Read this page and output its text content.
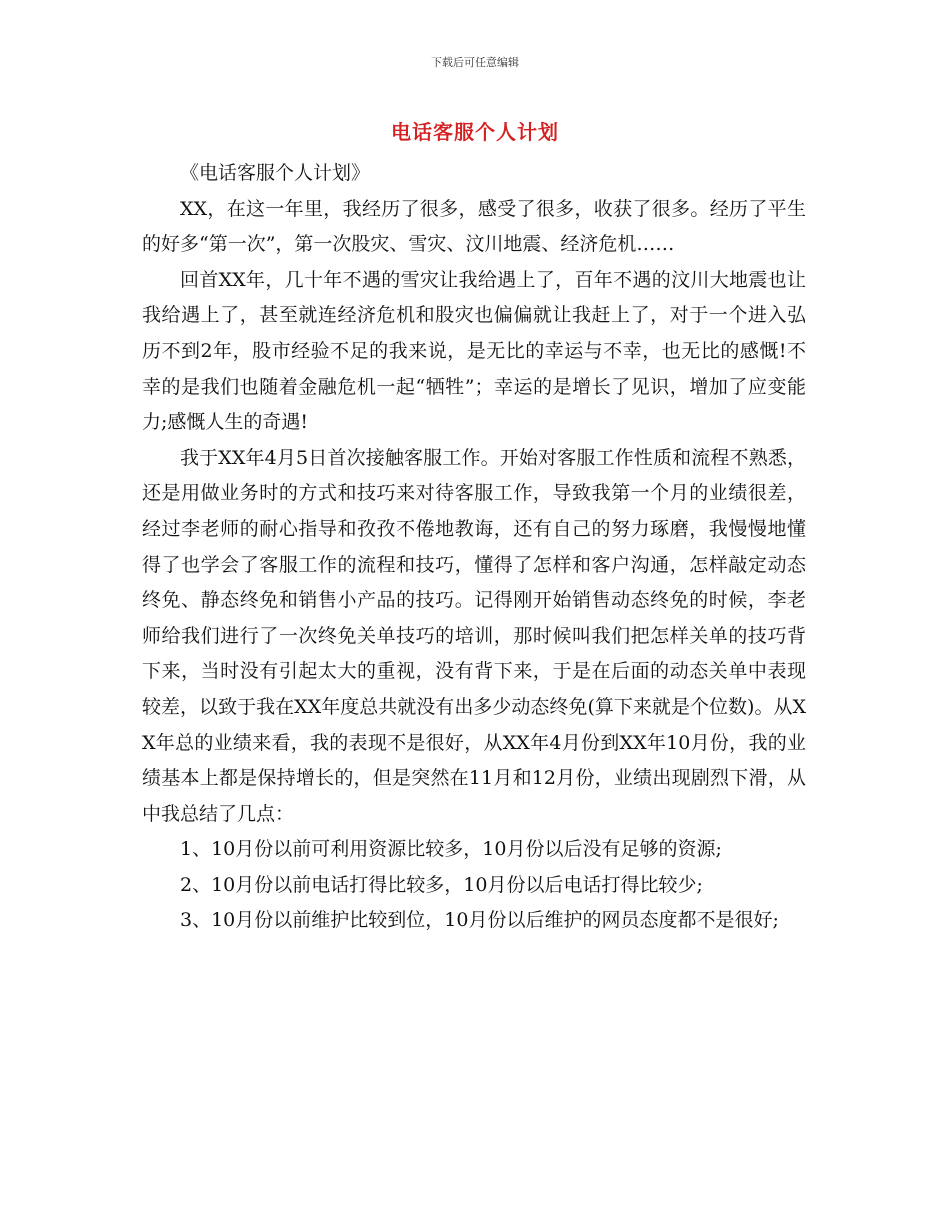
下载后可任意编辑
电话客服个人计划

《电话客服个人计划》

XX，在这一年里，我经历了很多，感受了很多，收获了很多。经历了平生的好多“第一次”，第一次股灾、雪灾、汶川地震、经济危机……

回首XX年，几十年不遇的雪灾让我给遇上了，百年不遇的汶川大地震也让我给遇上了，甚至就连经济危机和股灾也偏偏就让我赶上了，对于一个进入弘历不到2年，股市经验不足的我来说，是无比的幸运与不幸，也无比的感慨!不幸的是我们也随着金融危机一起“牺牲”；幸运的是增长了见识，增加了应变能力;感慨人生的奇遇!

我于XX年4月5日首次接触客服工作。开始对客服工作性质和流程不熟悉，还是用做业务时的方式和技巧来对待客服工作，导致我第一个月的业绩很差，经过李老师的耐心指导和孜孜不倦地教诲，还有自己的努力琢磨，我慢慢地懂得了也学会了客服工作的流程和技巧，懂得了怎样和客户沟通，怎样敲定动态终免、静态终免和销售小产品的技巧。记得刚开始销售动态终免的时候，李老师给我们进行了一次终免关单技巧的培训，那时候叫我们把怎样关单的技巧背下来，当时没有引起太大的重视，没有背下来，于是在后面的动态关单中表现较差，以致于我在XX年度总共就没有出多少动态终免(算下来就是个位数)。从XX年总的业绩来看，我的表现不是很好，从XX年4月份到XX年10月份，我的业绩基本上都是保持增长的，但是突然在11月和12月份，业绩出现剧烈下滑，从中我总结了几点：

1、10月份以前可利用资源比较多，10月份以后没有足够的资源;

2、10月份以前电话打得比较多，10月份以后电话打得比较少;

3、10月份以前维护比较到位，10月份以后维护的网员态度都不是很好;
